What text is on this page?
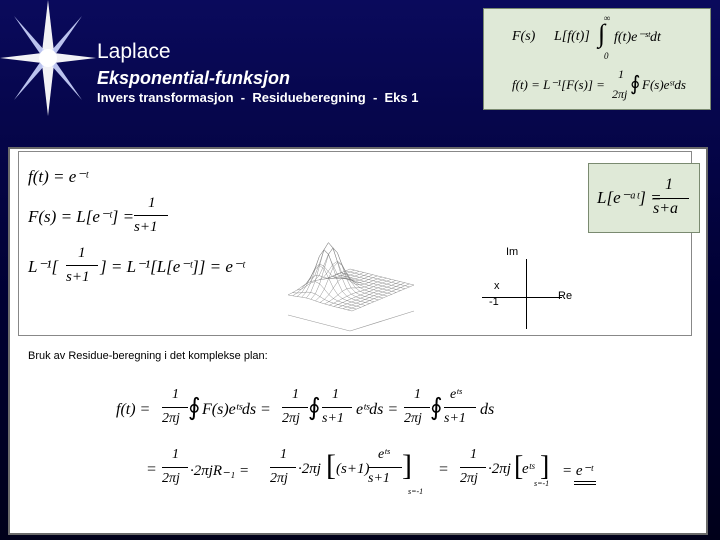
Laplace
Eksponential-funksjon
Invers transformasjon  -  Residueberegning  -  Eks 1
F(s) L[f(t)]
∞
∫
0
f(t)e⁻ˢᵗdt
f(t) = L⁻¹[F(s)] =
1
2πj ∮ F(s)eˢᵗds
f(t) = e⁻ᵗ
F(s) = L[e⁻ᵗ] =
1
s+1
L⁻¹[
1
s+1
] = L⁻¹[L[e⁻ᵗ]] = e⁻ᵗ
L[e⁻ᵃᵗ] =
1
s+a
Im
Re
x
-1
Bruk av Residue-beregning i det komplekse plan:
f(t) =
1
2πj ∮ F(s)eᵗˢds =
1
2πj ∮
1
s+1
eᵗˢds =
1
2πj ∮
eᵗˢ
s+1
ds
=
1
2πj ·2πjR₋₁ =
1
2πj
·2πj [ (s+1)
eᵗˢ
s+1 ]
s=-1
=
1
2πj
·2πj [
eᵗˢ ]
s=-1
= e⁻ᵗ
